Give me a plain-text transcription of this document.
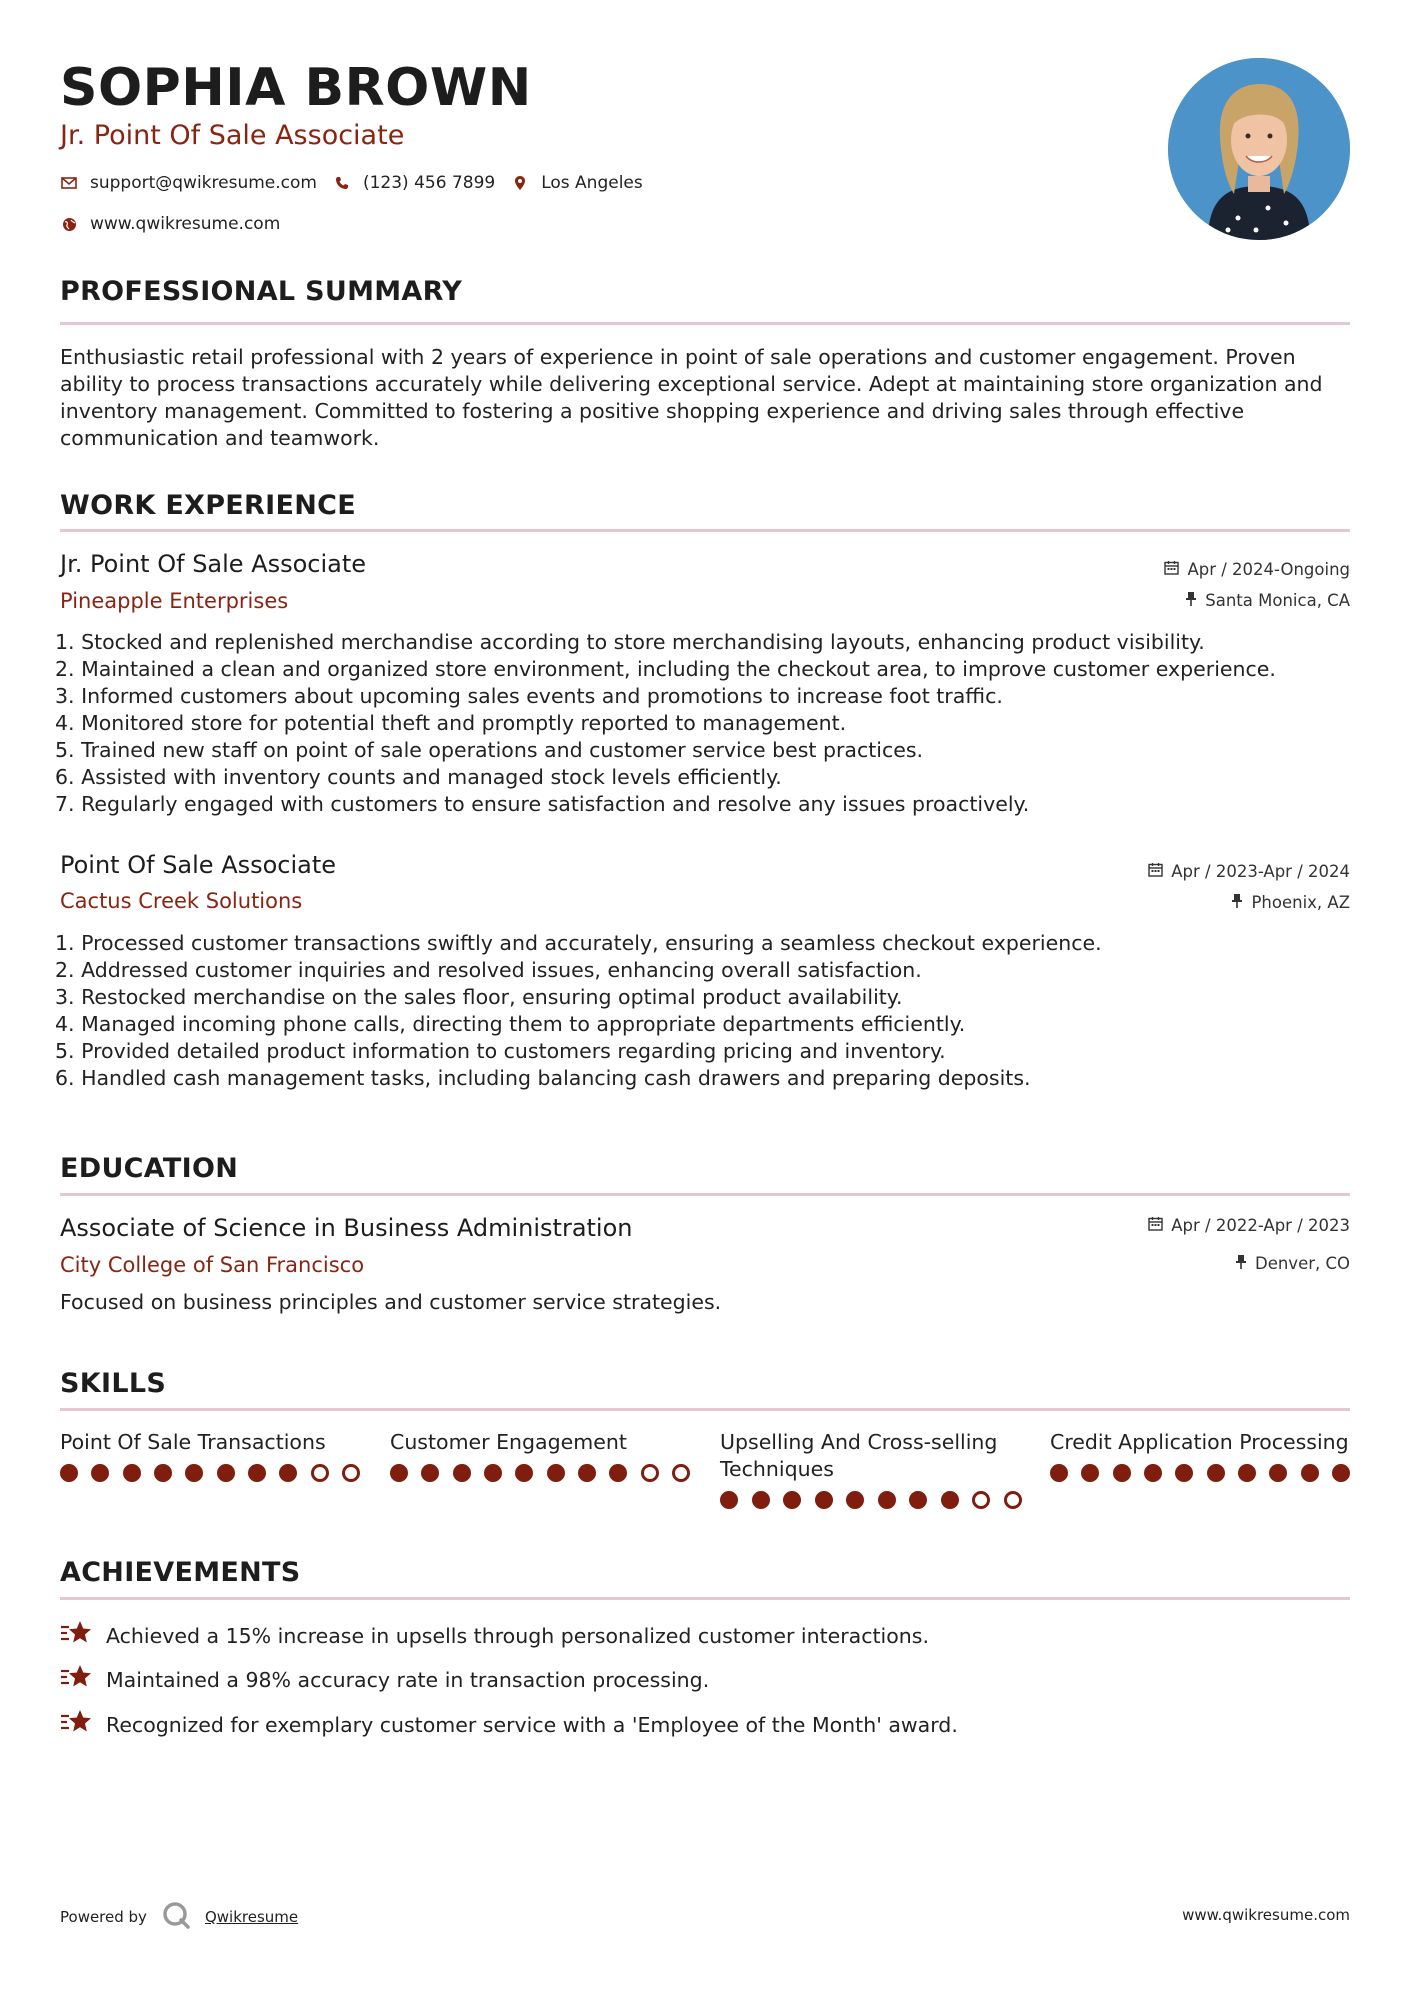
SOPHIA BROWN
Jr. Point Of Sale Associate
support@qwikresume.com	(123) 456 7899	Los Angeles
www.qwikresume.com
PROFESSIONAL SUMMARY
Enthusiastic retail professional with 2 years of experience in point of sale operations and customer engagement. Proven ability to process transactions accurately while delivering exceptional service. Adept at maintaining store organization and inventory management. Committed to fostering a positive shopping experience and driving sales through effective communication and teamwork.
WORK EXPERIENCE
Jr. Point Of Sale Associate
Pineapple Enterprises
Apr / 2024-Ongoing
Santa Monica, CA
1. Stocked and replenished merchandise according to store merchandising layouts, enhancing product visibility.
2. Maintained a clean and organized store environment, including the checkout area, to improve customer experience.
3. Informed customers about upcoming sales events and promotions to increase foot traffic.
4. Monitored store for potential theft and promptly reported to management.
5. Trained new staff on point of sale operations and customer service best practices.
6. Assisted with inventory counts and managed stock levels efficiently.
7. Regularly engaged with customers to ensure satisfaction and resolve any issues proactively.
Point Of Sale Associate
Cactus Creek Solutions
Apr / 2023-Apr / 2024
Phoenix, AZ
1. Processed customer transactions swiftly and accurately, ensuring a seamless checkout experience.
2. Addressed customer inquiries and resolved issues, enhancing overall satisfaction.
3. Restocked merchandise on the sales floor, ensuring optimal product availability.
4. Managed incoming phone calls, directing them to appropriate departments efficiently.
5. Provided detailed product information to customers regarding pricing and inventory.
6. Handled cash management tasks, including balancing cash drawers and preparing deposits.
EDUCATION
Associate of Science in Business Administration
City College of San Francisco
Apr / 2022-Apr / 2023
Denver, CO
Focused on business principles and customer service strategies.
SKILLS
Point Of Sale Transactions	Customer Engagement	Upselling And Cross-selling Techniques
Credit Application Processing
ACHIEVEMENTS
Achieved a 15% increase in upsells through personalized customer interactions.
Maintained a 98% accuracy rate in transaction processing.
Recognized for exemplary customer service with a 'Employee of the Month' award.
Powered by	Qwikresume	www.qwikresume.com
